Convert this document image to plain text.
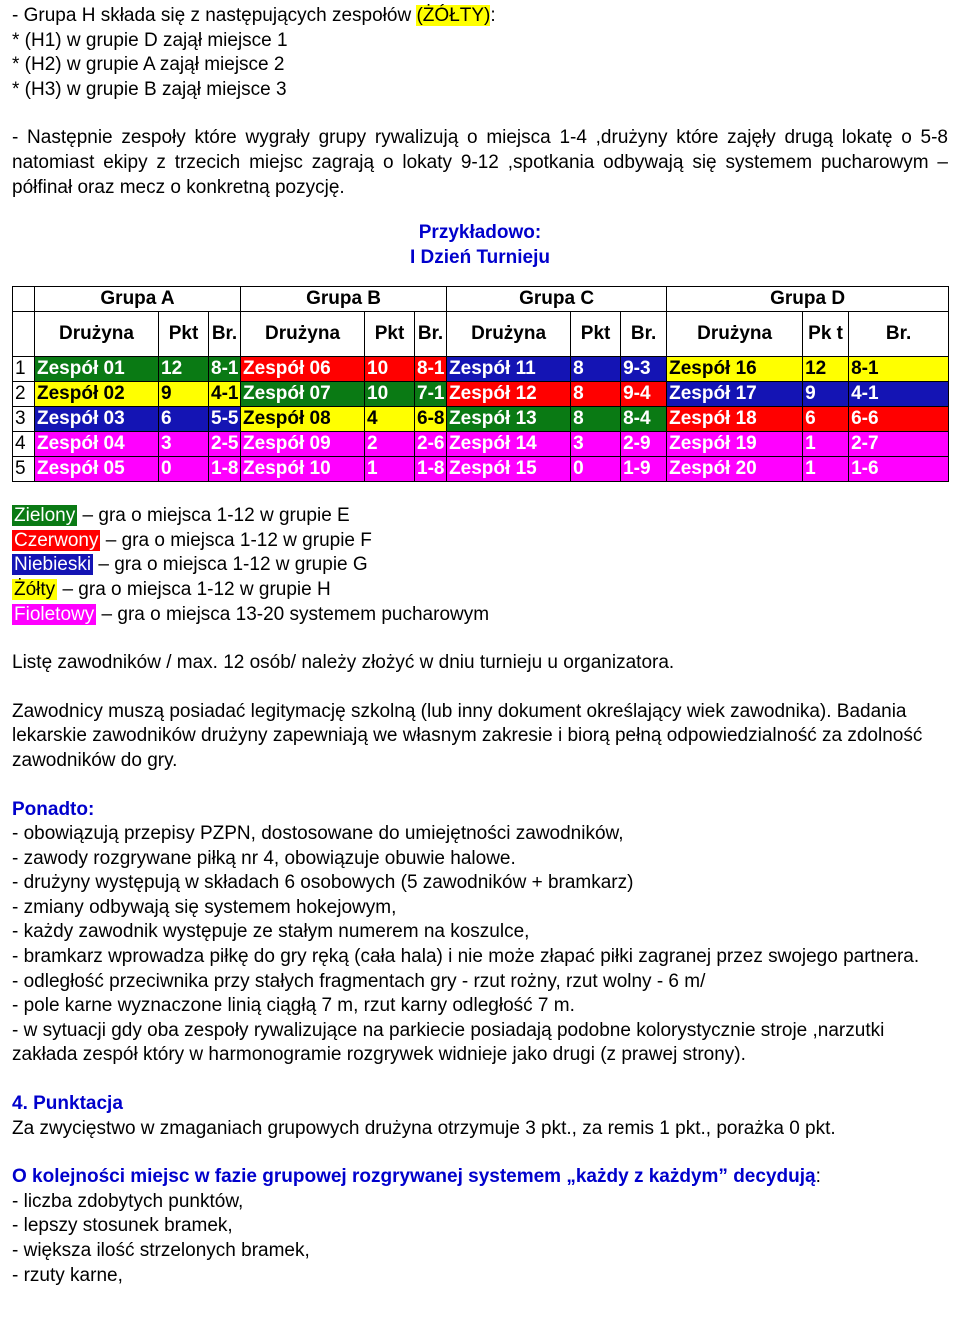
- Grupa H składa się z następujących zespołów (ŻÓŁTY):
* (H1) w grupie D zajął miejsce 1
* (H2) w grupie A zajął miejsce 2
* (H3) w grupie B zajął miejsce 3
- Następnie zespoły które wygrały grupy rywalizują o miejsca 1-4 ,drużyny które zajęły drugą lokatę o 5-8 natomiast ekipy z trzecich miejsc zagrają o lokaty 9-12 ,spotkania odbywają się systemem pucharowym – półfinał oraz mecz o konkretną pozycję.
Przykładowo:
I Dzień Turnieju
	Grupa A			Grupa B			Grupa C			Grupa D		
	Drużyna	Pkt	Br.	Drużyna	Pkt	Br.	Drużyna	Pkt	Br.	Drużyna	Pk t	Br.
1	Zespół 01	12	8-1	Zespół 06	10	8-1	Zespół 11	8	9-3	Zespół 16	12	8-1
2	Zespół 02	9	4-1	Zespół 07	10	7-1	Zespół 12	8	9-4	Zespół 17	9	4-1
3	Zespół 03	6	5-5	Zespół 08	4	6-8	Zespół 13	8	8-4	Zespół 18	6	6-6
4	Zespół 04	3	2-5	Zespół 09	2	2-6	Zespół 14	3	2-9	Zespół 19	1	2-7
5	Zespół 05	0	1-8	Zespół 10	1	1-8	Zespół 15	0	1-9	Zespół 20	1	1-6
Zielony – gra o miejsca 1-12 w grupie E
Czerwony – gra o miejsca 1-12 w grupie F
Niebieski – gra o miejsca 1-12 w grupie G
Żółty – gra o miejsca 1-12 w grupie H
Fioletowy – gra o miejsca 13-20 systemem pucharowym
Listę zawodników / max. 12 osób/ należy złożyć w dniu turnieju u organizatora.
Zawodnicy muszą posiadać legitymację szkolną (lub inny dokument określający wiek zawodnika). Badania lekarskie zawodników drużyny zapewniają we własnym zakresie i biorą pełną odpowiedzialność za zdolność zawodników do gry.
Ponadto:
- obowiązują przepisy PZPN, dostosowane do umiejętności zawodników,
- zawody rozgrywane piłką nr 4, obowiązuje obuwie halowe.
- drużyny występują w składach 6 osobowych (5 zawodników + bramkarz)
- zmiany odbywają się systemem hokejowym,
- każdy zawodnik występuje ze stałym numerem na koszulce,
- bramkarz wprowadza piłkę do gry ręką (cała hala) i nie może złapać piłki zagranej przez swojego partnera.
- odległość przeciwnika przy stałych fragmentach gry - rzut rożny, rzut wolny - 6 m/
- pole karne wyznaczone linią ciągłą 7 m, rzut karny odległość 7 m.
- w sytuacji gdy oba zespoły rywalizujące na parkiecie posiadają podobne kolorystycznie stroje ,narzutki zakłada zespół który w harmonogramie rozgrywek widnieje jako drugi (z prawej strony).
4. Punktacja
Za zwycięstwo w zmaganiach grupowych drużyna otrzymuje 3 pkt., za remis 1 pkt., porażka 0 pkt.
O kolejności miejsc w fazie grupowej rozgrywanej systemem „każdy z każdym” decydują:
- liczba zdobytych punktów,
- lepszy stosunek bramek,
- większa ilość strzelonych bramek,
- rzuty karne,
